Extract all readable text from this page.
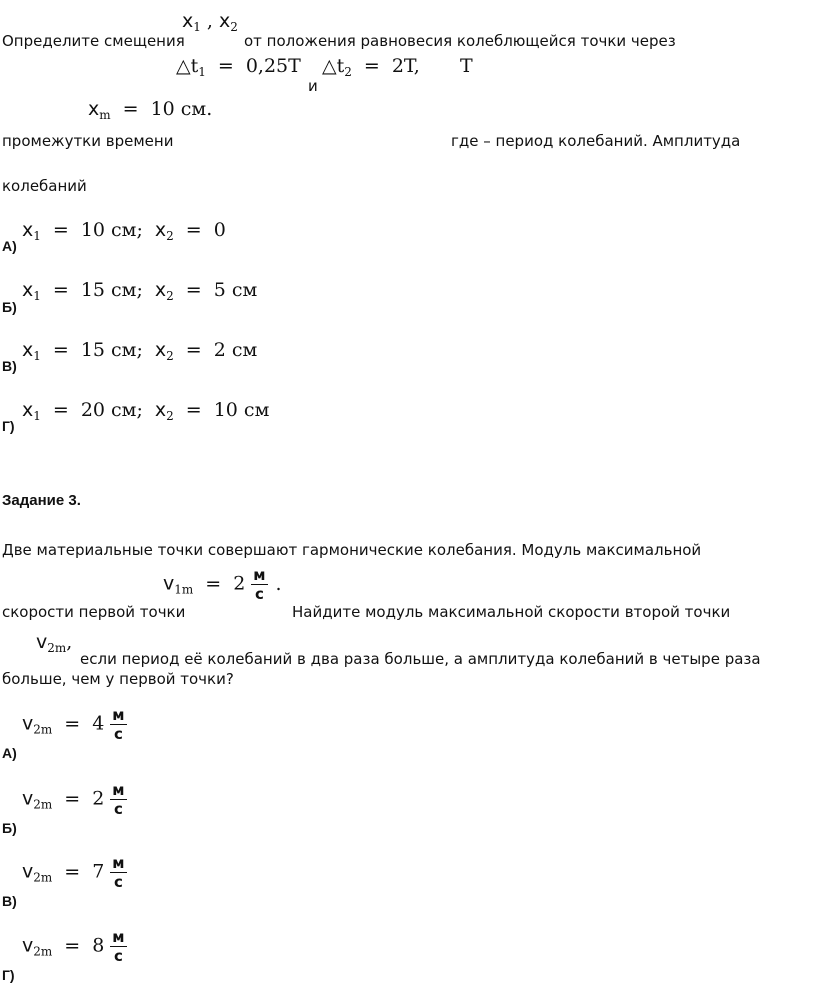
Определите смещения
$x_1$ , $x_2$
от положения равновесия колеблющейся точки через
$\triangle t_1 = 0,25T$
и
$\triangle t_2 = 2T$, T
$x_m = 10$ см.
промежутки времени	где – период колебаний. Амплитуда
колебаний
А)
$x_1 = 10$ см; $x_2 = 0$
Б)
$x_1 = 15$ см; $x_2 = 5$ см
В)
$x_1 = 15$ см; $x_2 = 2$ см
Г)
$x_1 = 20$ см; $x_2 = 10$ см
Задание 3.
Две материальные точки совершают гармонические колебания. Модуль максимальной
$v_{1m} = 2 \frac{м}{с}$ .
скорости первой точки	Найдите модуль максимальной скорости второй точки
$v_{2m}$,
если период её колебаний в два раза больше, а амплитуда колебаний в четыре раза
больше, чем у первой точки?
А)
$v_{2m} = 4 \frac{м}{с}$
Б)
$v_{2m} = 2 \frac{м}{с}$
В)
$v_{2m} = 7 \frac{м}{с}$
Г)
$v_{2m} = 8 \frac{м}{с}$
